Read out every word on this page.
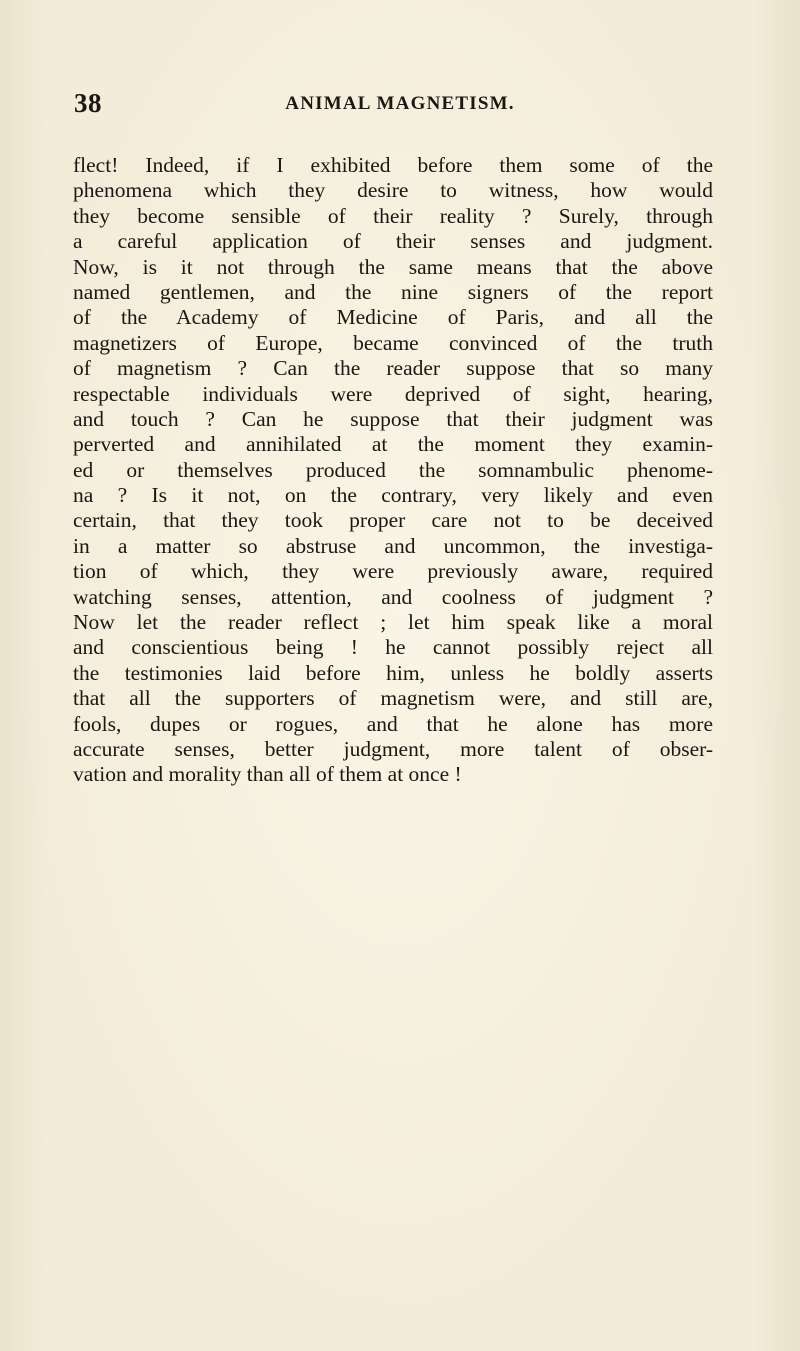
38	ANIMAL MAGNETISM.
flect! Indeed, if I exhibited before them some of the
phenomena which they desire to witness, how would
they become sensible of their reality ? Surely, through
a careful application of their senses and judgment.
Now, is it not through the same means that the above
named gentlemen, and the nine signers of the report
of the Academy of Medicine of Paris, and all the
magnetizers of Europe, became convinced of the truth
of magnetism ? Can the reader suppose that so many
respectable individuals were deprived of sight, hearing,
and touch ? Can he suppose that their judgment was
perverted and annihilated at the moment they examin-
ed or themselves produced the somnambulic phenome-
na ? Is it not, on the contrary, very likely and even
certain, that they took proper care not to be deceived
in a matter so abstruse and uncommon, the investiga-
tion of which, they were previously aware, required
watching senses, attention, and coolness of judgment ?
Now let the reader reflect ; let him speak like a moral
and conscientious being ! he cannot possibly reject all
the testimonies laid before him, unless he boldly asserts
that all the supporters of magnetism were, and still are,
fools, dupes or rogues, and that he alone has more
accurate senses, better judgment, more talent of obser-
vation and morality than all of them at once !
